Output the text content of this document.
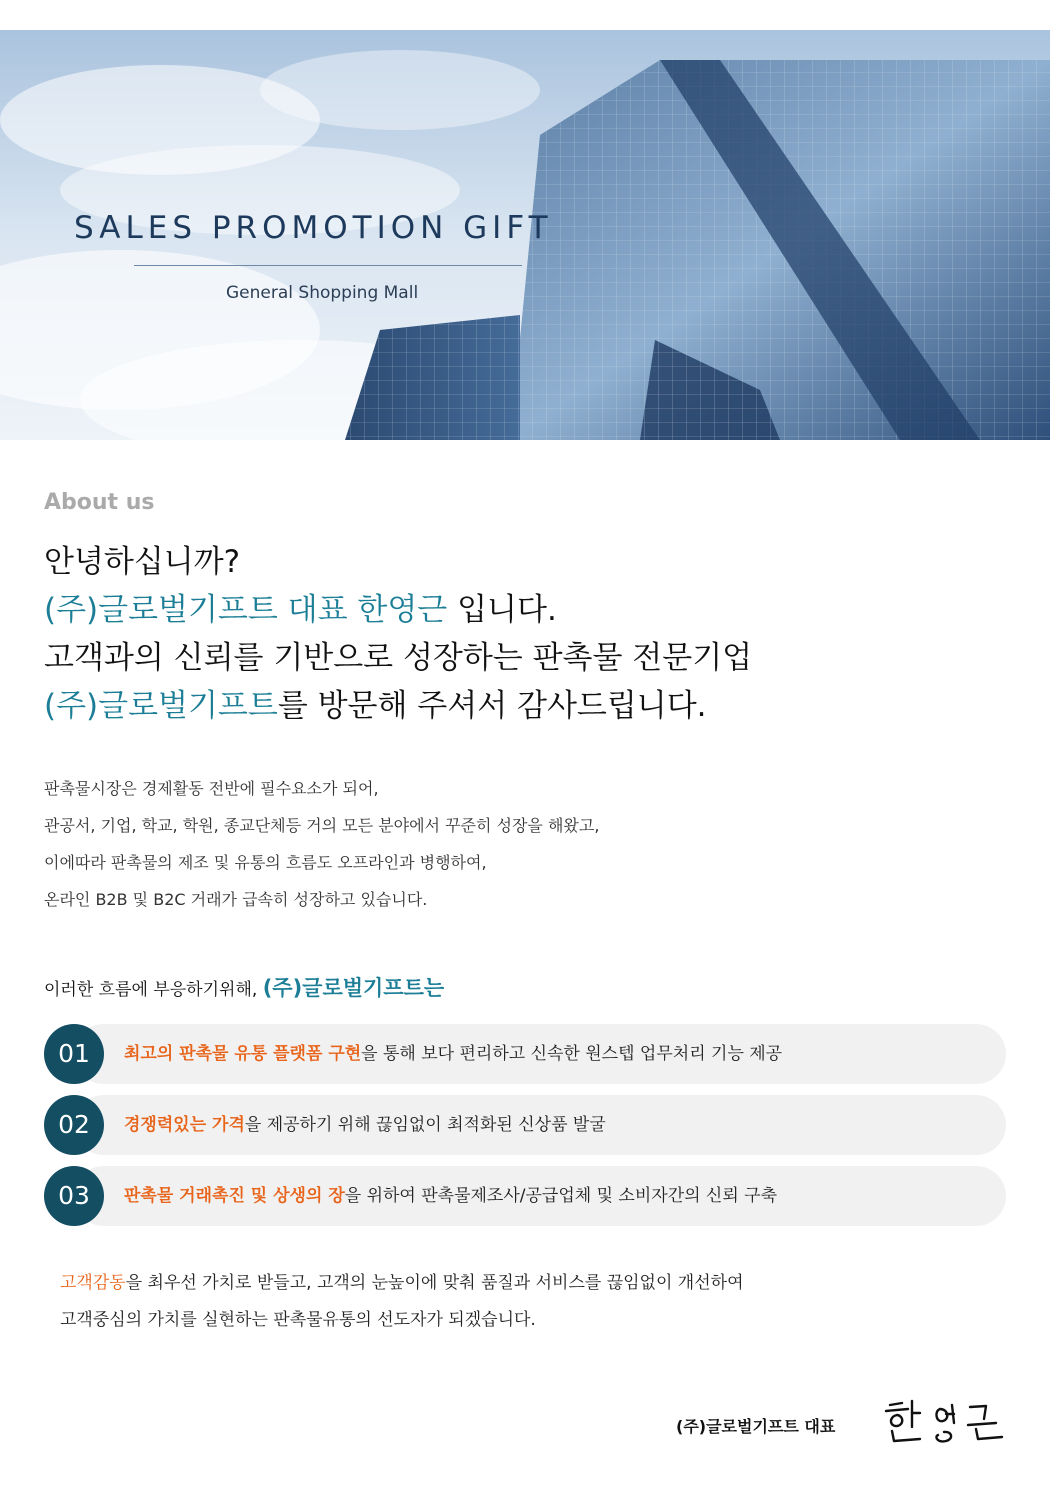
SALES PROMOTION GIFT
General Shopping Mall
About us
안녕하십니까?
(주)글로벌기프트 대표 한영근 입니다.
고객과의 신뢰를 기반으로 성장하는 판촉물 전문기업
(주)글로벌기프트를 방문해 주셔서 감사드립니다.
판촉물시장은 경제활동 전반에 필수요소가 되어,
관공서, 기업, 학교, 학원, 종교단체등 거의 모든 분야에서 꾸준히 성장을 해왔고,
이에따라 판촉물의 제조 및 유통의 흐름도 오프라인과 병행하여,
온라인 B2B 및 B2C 거래가 급속히 성장하고 있습니다.
이러한 흐름에 부응하기위해, (주)글로벌기프트는
01	최고의 판촉물 유통 플랫폼 구현을 통해 보다 편리하고 신속한 원스텝 업무처리 기능 제공
02	경쟁력있는 가격을 제공하기 위해 끊임없이 최적화된 신상품 발굴
03	판촉물 거래촉진 및 상생의 장을 위하여 판촉물제조사/공급업체 및 소비자간의 신뢰 구축
고객감동을 최우선 가치로 받들고, 고객의 눈높이에 맞춰 품질과 서비스를 끊임없이 개선하여
고객중심의 가치를 실현하는 판촉물유통의 선도자가 되겠습니다.
(주)글로벌기프트 대표
